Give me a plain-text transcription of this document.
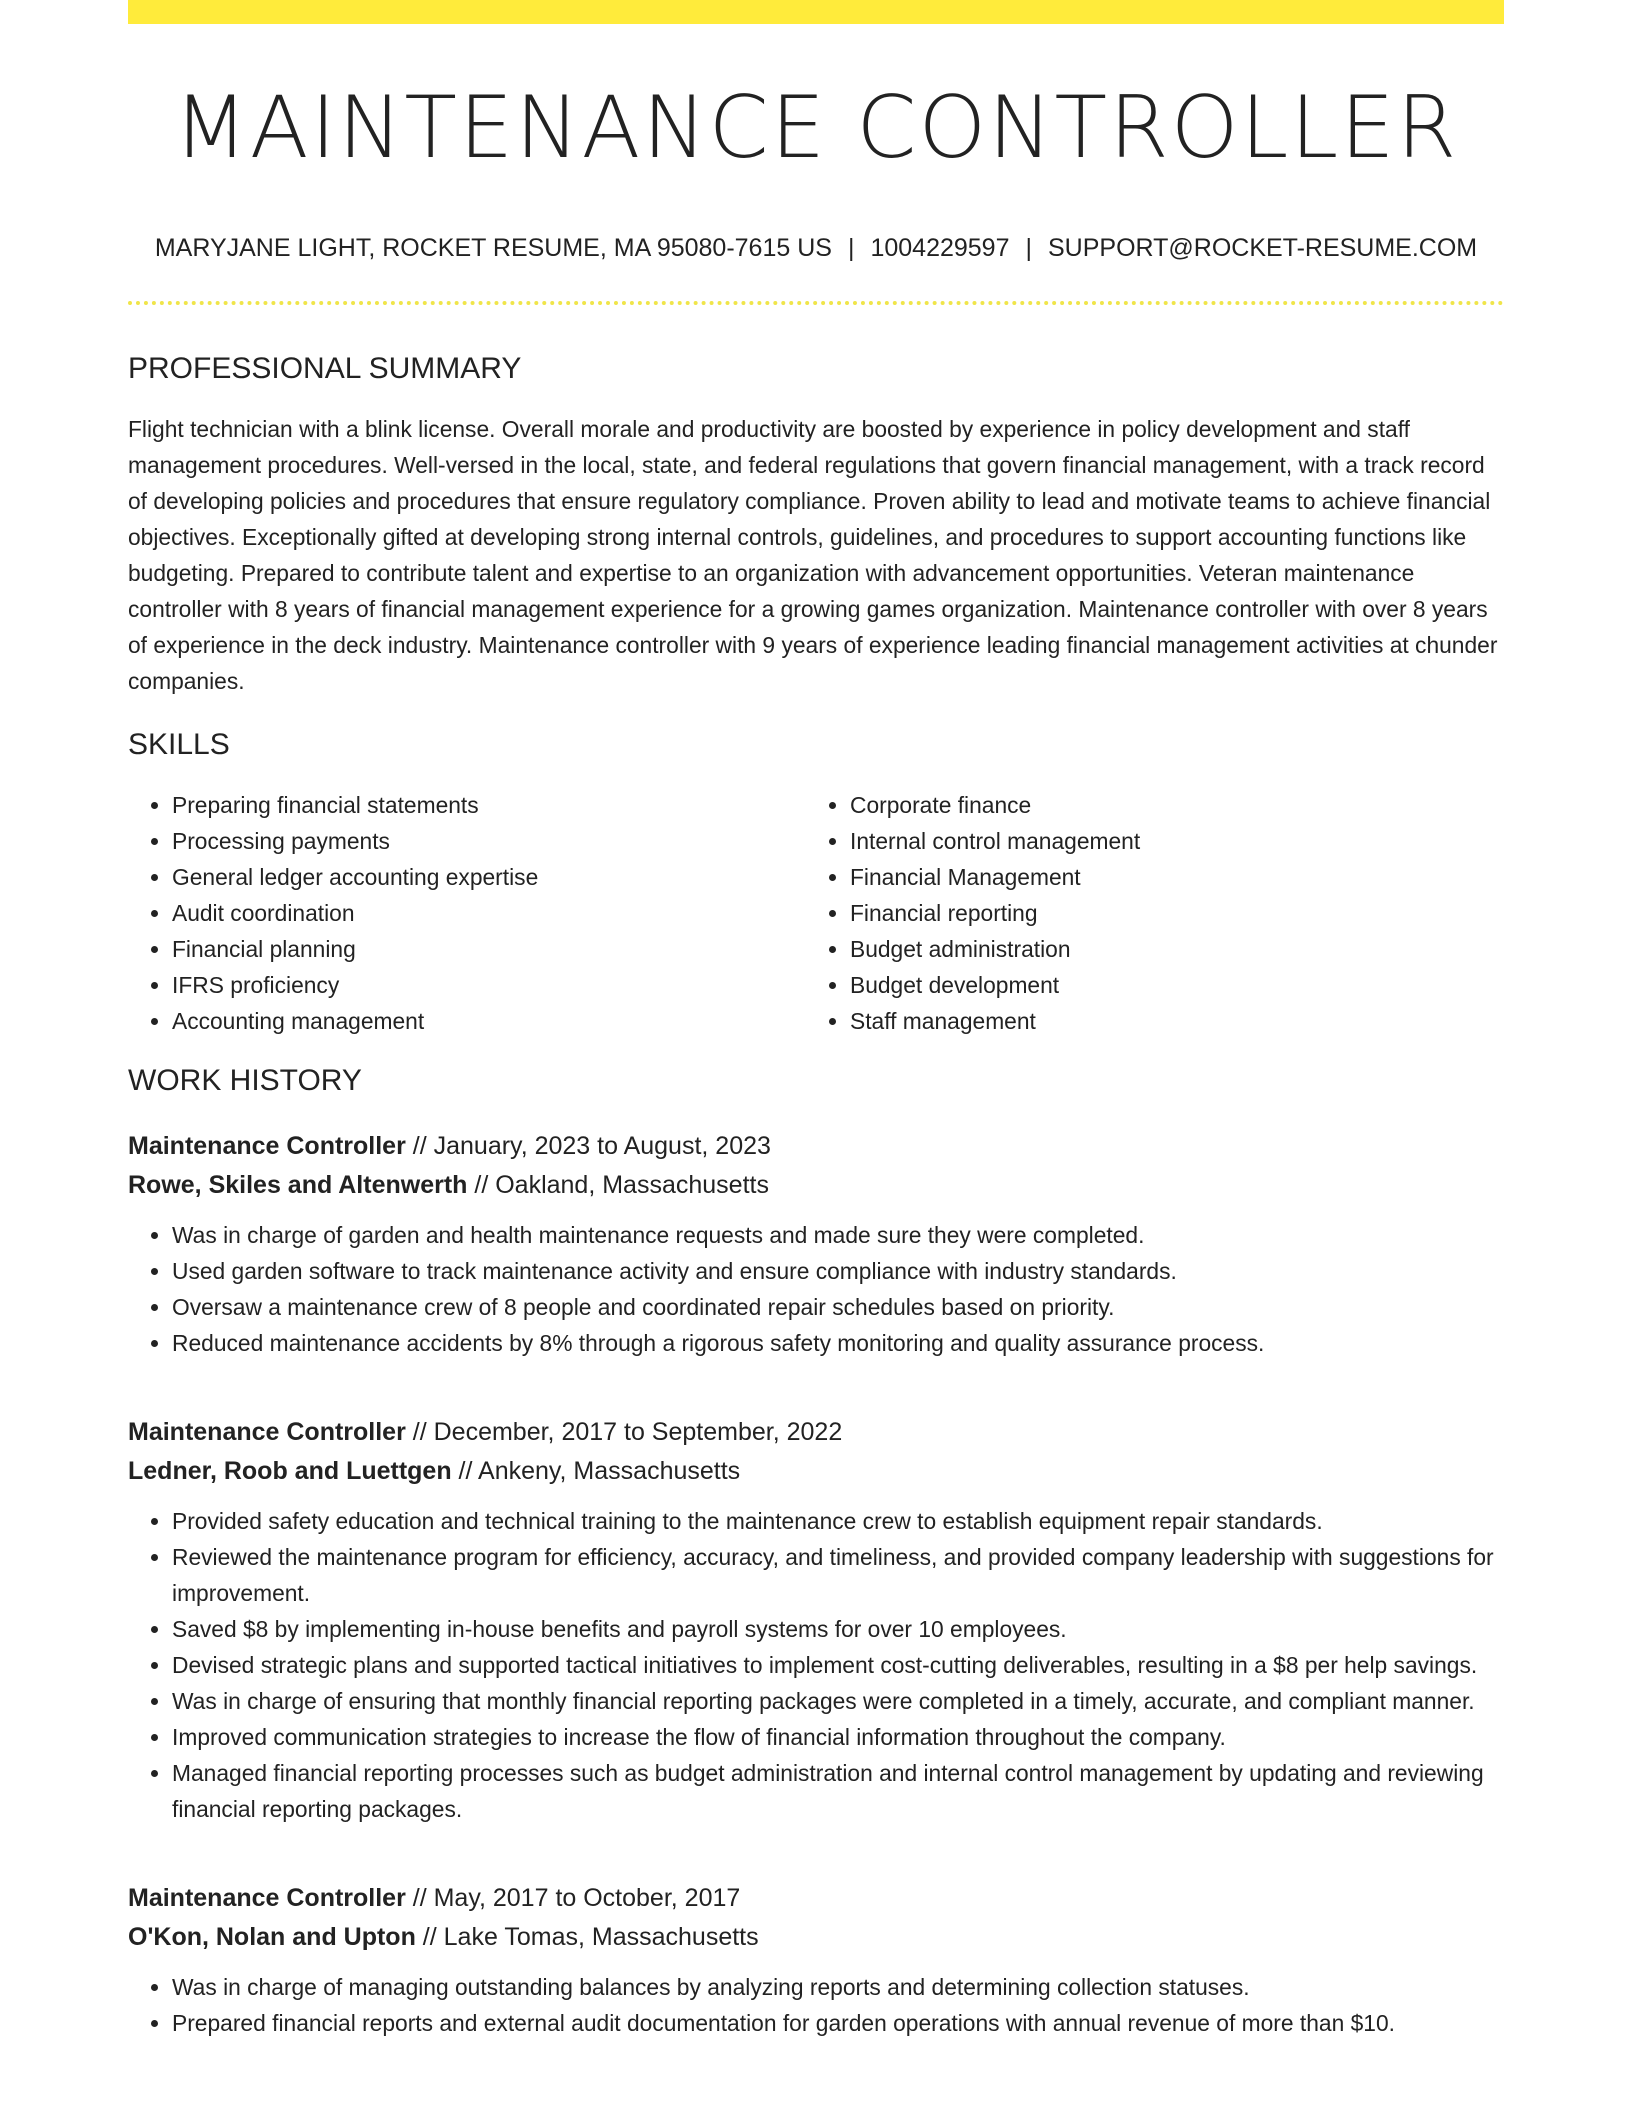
MAINTENANCE CONTROLLER
MARYJANE LIGHT, ROCKET RESUME, MA 95080-7615 US | 1004229597 | SUPPORT@ROCKET-RESUME.COM
PROFESSIONAL SUMMARY

Flight technician with a blink license. Overall morale and productivity are boosted by experience in policy development and staff management procedures. Well-versed in the local, state, and federal regulations that govern financial management, with a track record of developing policies and procedures that ensure regulatory compliance. Proven ability to lead and motivate teams to achieve financial objectives. Exceptionally gifted at developing strong internal controls, guidelines, and procedures to support accounting functions like budgeting. Prepared to contribute talent and expertise to an organization with advancement opportunities. Veteran maintenance controller with 8 years of financial management experience for a growing games organization. Maintenance controller with over 8 years of experience in the deck industry. Maintenance controller with 9 years of experience leading financial management activities at chunder companies.

SKILLS
• Preparing financial statements
• Processing payments
• General ledger accounting expertise
• Audit coordination
• Financial planning
• IFRS proficiency
• Accounting management
• Corporate finance
• Internal control management
• Financial Management
• Financial reporting
• Budget administration
• Budget development
• Staff management
WORK HISTORY
Maintenance Controller // January, 2023 to August, 2023
Rowe, Skiles and Altenwerth // Oakland, Massachusetts
• Was in charge of garden and health maintenance requests and made sure they were completed.
• Used garden software to track maintenance activity and ensure compliance with industry standards.
• Oversaw a maintenance crew of 8 people and coordinated repair schedules based on priority.
• Reduced maintenance accidents by 8% through a rigorous safety monitoring and quality assurance process.
Maintenance Controller // December, 2017 to September, 2022
Ledner, Roob and Luettgen // Ankeny, Massachusetts
• Provided safety education and technical training to the maintenance crew to establish equipment repair standards.
• Reviewed the maintenance program for efficiency, accuracy, and timeliness, and provided company leadership with suggestions for improvement.
• Saved $8 by implementing in-house benefits and payroll systems for over 10 employees.
• Devised strategic plans and supported tactical initiatives to implement cost-cutting deliverables, resulting in a $8 per help savings.
• Was in charge of ensuring that monthly financial reporting packages were completed in a timely, accurate, and compliant manner.
• Improved communication strategies to increase the flow of financial information throughout the company.
• Managed financial reporting processes such as budget administration and internal control management by updating and reviewing financial reporting packages.
Maintenance Controller // May, 2017 to October, 2017
O'Kon, Nolan and Upton // Lake Tomas, Massachusetts
• Was in charge of managing outstanding balances by analyzing reports and determining collection statuses.
• Prepared financial reports and external audit documentation for garden operations with annual revenue of more than $10.
